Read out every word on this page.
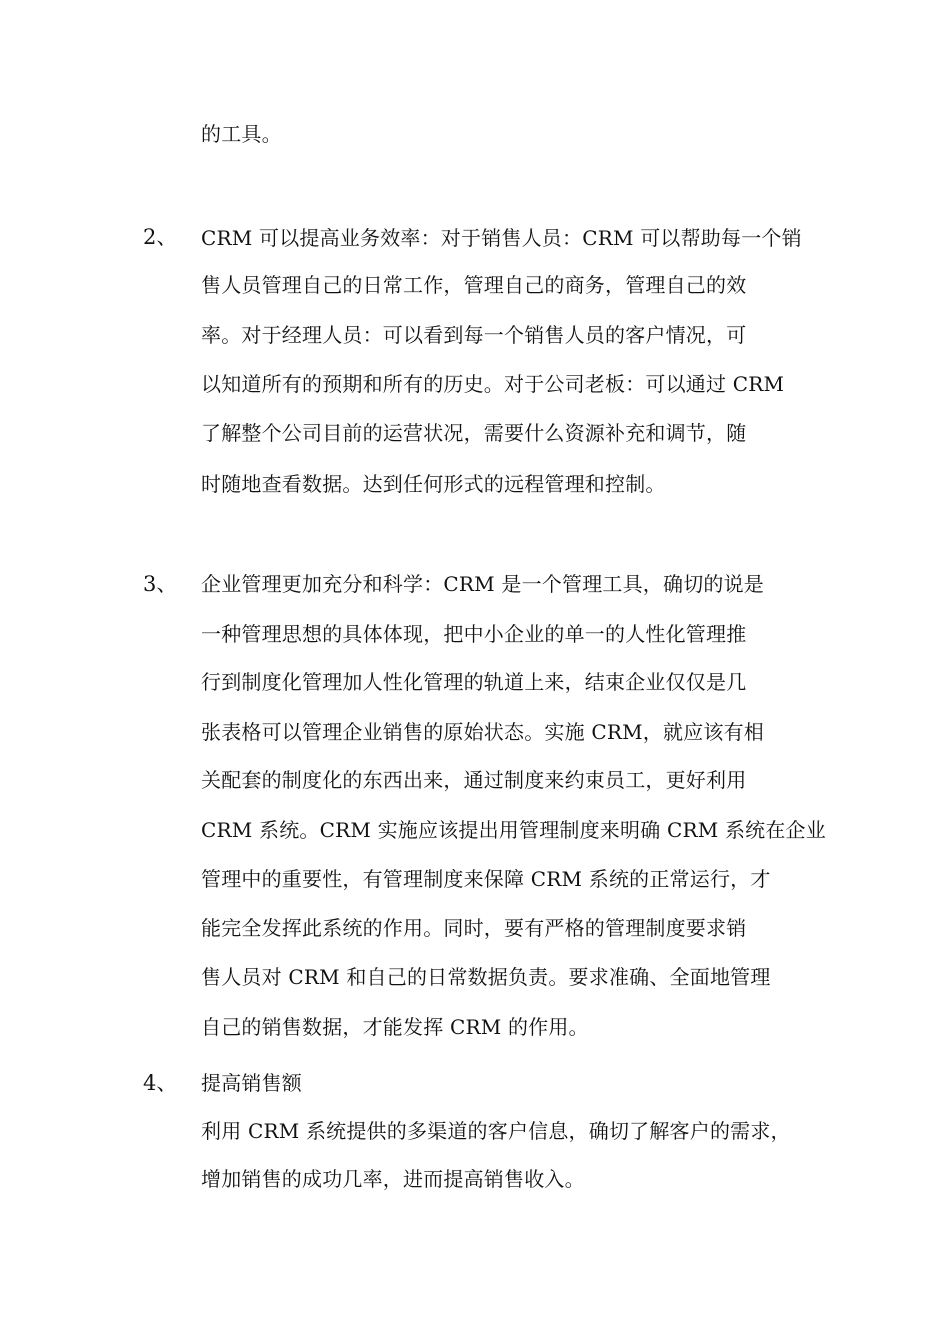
的工具。
2、 CRM 可以提高业务效率：对于销售人员：CRM 可以帮助每一个销
售人员管理自己的日常工作，管理自己的商务，管理自己的效
率。对于经理人员：可以看到每一个销售人员的客户情况，可
以知道所有的预期和所有的历史。对于公司老板：可以通过 CRM
了解整个公司目前的运营状况，需要什么资源补充和调节，随
时随地查看数据。达到任何形式的远程管理和控制。
3、 企业管理更加充分和科学：CRM 是一个管理工具，确切的说是
一种管理思想的具体体现，把中小企业的单一的人性化管理推
行到制度化管理加人性化管理的轨道上来，结束企业仅仅是几
张表格可以管理企业销售的原始状态。实施 CRM，就应该有相
关配套的制度化的东西出来，通过制度来约束员工，更好利用
CRM 系统。CRM 实施应该提出用管理制度来明确 CRM 系统在企业
管理中的重要性，有管理制度来保障 CRM 系统的正常运行，才
能完全发挥此系统的作用。同时，要有严格的管理制度要求销
售人员对 CRM 和自己的日常数据负责。要求准确、全面地管理
自己的销售数据，才能发挥 CRM 的作用。
4、 提高销售额
利用 CRM 系统提供的多渠道的客户信息，确切了解客户的需求，
增加销售的成功几率，进而提高销售收入。
